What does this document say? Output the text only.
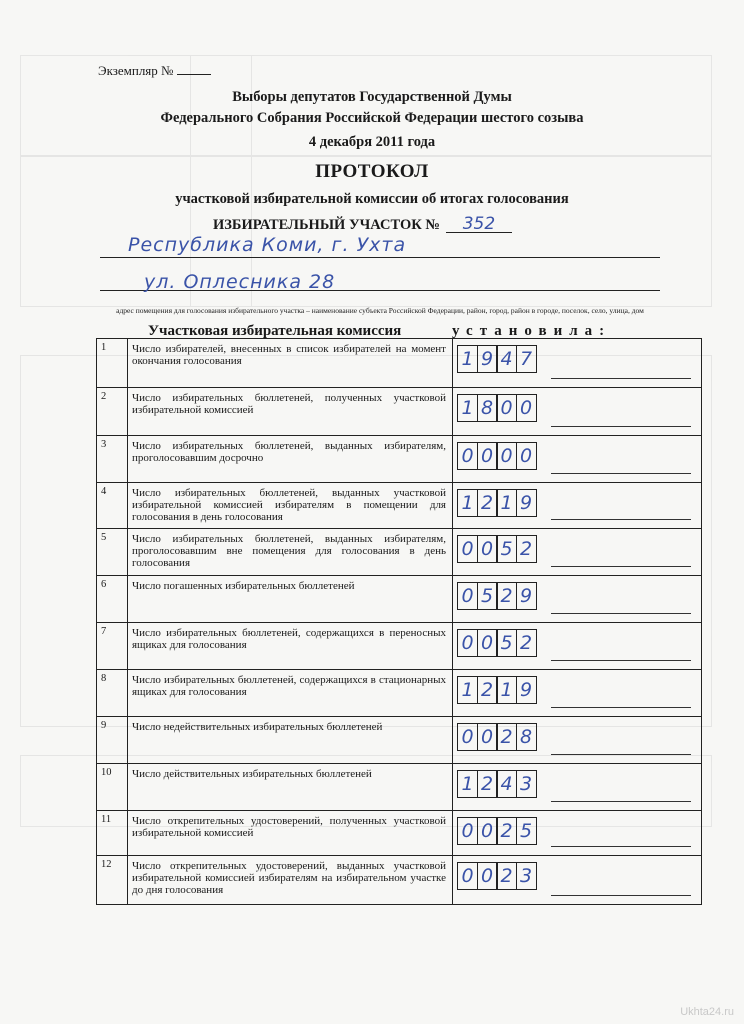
Экземпляр №
Выборы депутатов Государственной Думы
Федерального Собрания Российской Федерации шестого созыва
4 декабря 2011 года
ПРОТОКОЛ
участковой избирательной комиссии об итогах голосования
ИЗБИРАТЕЛЬНЫЙ УЧАСТОК № 352
Республика Коми, г. Ухта
ул. Оплесника 28
адрес помещения для голосования избирательного участка – наименование субъекта Российской Федерации, район, город, район в городе, поселок, село, улица, дом
Участковая избирательная комиссия	установила:
1	Число избирателей, внесенных в список избирателей на момент окончания голосования	1 9 4 7

2	Число избирательных бюллетеней, полученных участковой избирательной комиссией	1 8 0 0

3	Число избирательных бюллетеней, выданных избирателям, проголосовавшим досрочно	0 0 0 0

4	Число избирательных бюллетеней, выданных участковой избирательной комиссией избирателям в помещении для голосования в день голосования	1 2 1 9

5	Число избирательных бюллетеней, выданных избирателям, проголосовавшим вне помещения для голосования в день голосования	0 0 5 2

6	Число погашенных избирательных бюллетеней	0 5 2 9

7	Число избирательных бюллетеней, содержащихся в переносных ящиках для голосования	0 0 5 2

8	Число избирательных бюллетеней, содержащихся в стационарных ящиках для голосования	1 2 1 9

9	Число недействительных избирательных бюллетеней	0 0 2 8

10	Число действительных избирательных бюллетеней	1 2 4 3

11	Число открепительных удостоверений, полученных участковой избирательной комиссией	0 0 2 5

12	Число открепительных удостоверений, выданных участковой избирательной комиссией избирателям на избирательном участке до дня голосования	0 0 2 3
Ukhta24.ru
